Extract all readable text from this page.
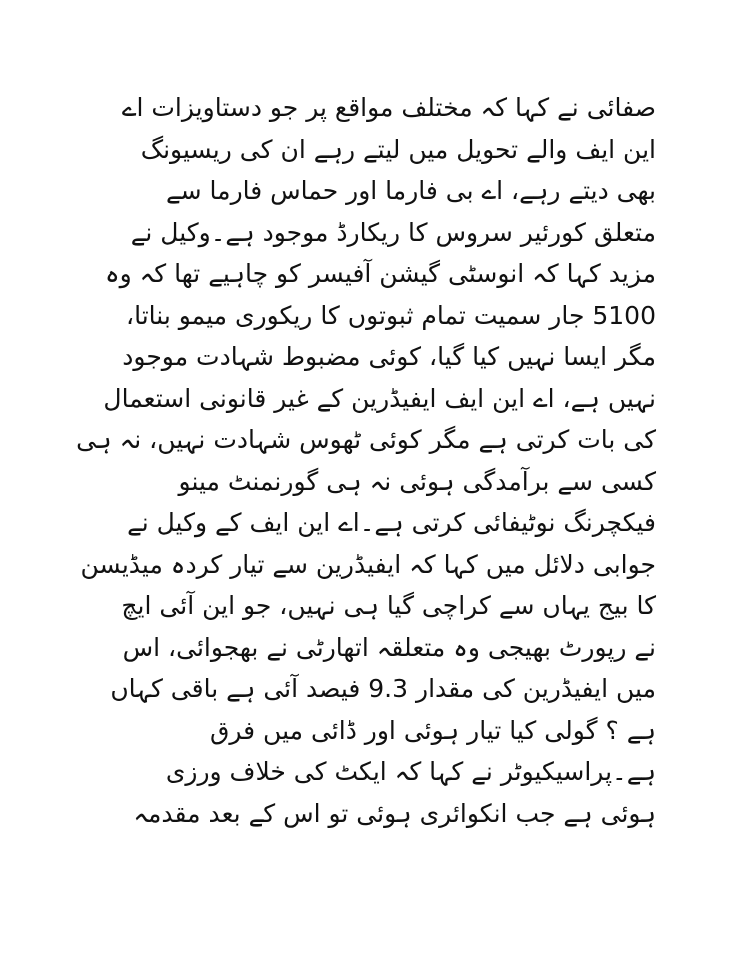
صفائی نے کہا کہ مختلف مواقع پر جو دستاویزات اے
این ایف والے تحویل میں لیتے رہے ان کی ریسیونگ
بھی دیتے رہے، اے بی فارما اور حماس فارما سے
متعلق کورئیر سروس کا ریکارڈ موجود ہے۔وکیل نے
مزید کہا کہ انوسٹی گیشن آفیسر کو چاہیے تھا کہ وہ
5100 جار سمیت تمام ثبوتوں کا ریکوری میمو بناتا،
مگر ایسا نہیں کیا گیا، کوئی مضبوط شہادت موجود
نہیں ہے، اے این ایف ایفیڈرین کے غیر قانونی استعمال
کی بات کرتی ہے مگر کوئی ٹھوس شہادت نہیں، نہ ہی
کسی سے برآمدگی ہوئی نہ ہی گورنمنٹ مینو
فیکچرنگ نوٹیفائی کرتی ہے۔اے این ایف کے وکیل نے
جوابی دلائل میں کہا کہ ایفیڈرین سے تیار کردہ میڈیسن
کا بیج یہاں سے کراچی گیا ہی نہیں، جو این آئی ایچ
نے رپورٹ بھیجی وہ متعلقہ اتھارٹی نے بھجوائی، اس
میں ایفیڈرین کی مقدار 9.3 فیصد آئی ہے باقی کہاں
ہے ؟ گولی کیا تیار ہوئی اور ڈائی میں فرق
ہے۔پراسیکیوٹر نے کہا کہ ایکٹ کی خلاف ورزی
ہوئی ہے جب انکوائری ہوئی تو اس کے بعد مقدمہ
